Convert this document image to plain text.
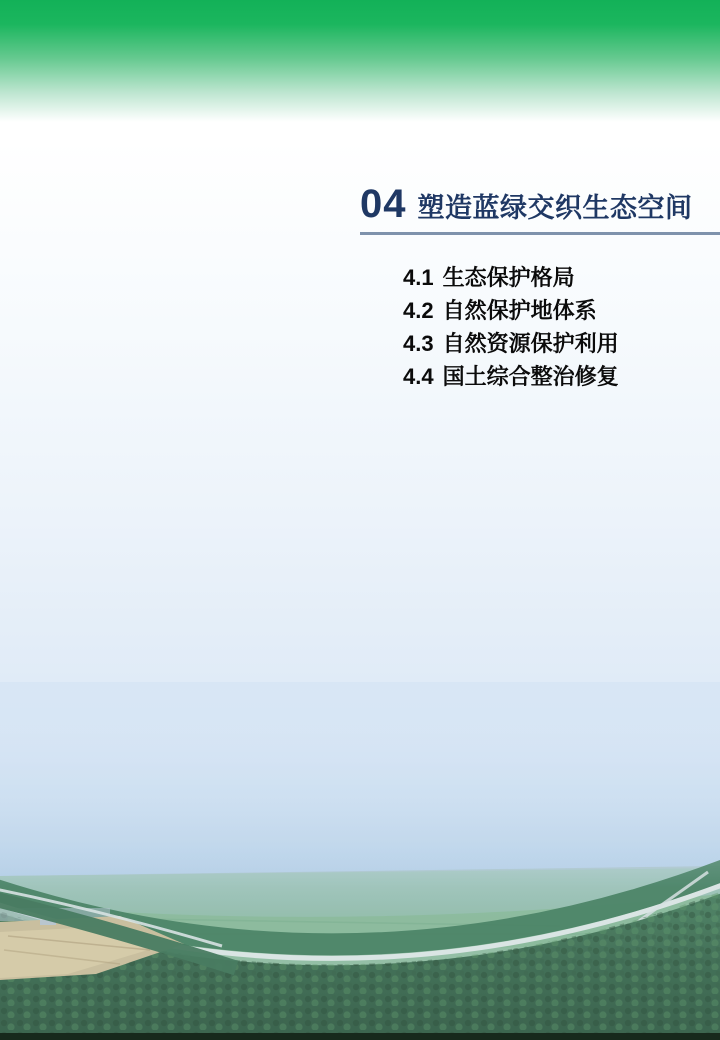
04 塑造蓝绿交织生态空间
4.1 生态保护格局
4.2 自然保护地体系
4.3 自然资源保护利用
4.4 国土综合整治修复
